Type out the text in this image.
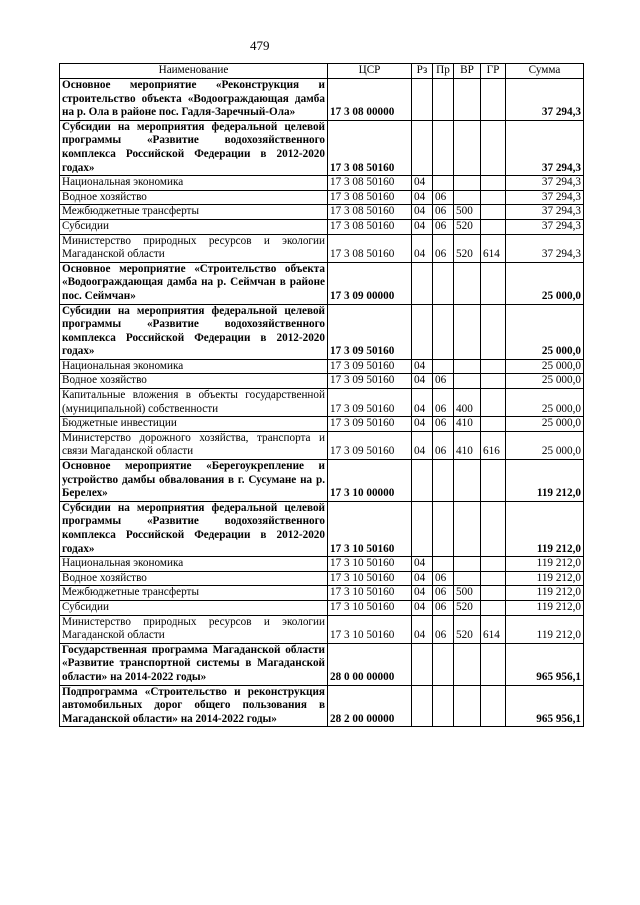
479
Наименование	ЦСР	Рз	Пр	ВР	ГР	Сумма
Основное мероприятие «Реконструкция и строительство объекта «Водоограждающая дамба на р. Ола в районе пос. Гадля-Заречный-Ола»	17 3 08 00000					37 294,3
Субсидии на мероприятия федеральной целевой программы «Развитие водохозяйственного комплекса Российской Федерации в 2012-2020 годах»	17 3 08 50160					37 294,3
Национальная экономика	17 3 08 50160	04				37 294,3
Водное хозяйство	17 3 08 50160	04	06			37 294,3
Межбюджетные трансферты	17 3 08 50160	04	06	500		37 294,3
Субсидии	17 3 08 50160	04	06	520		37 294,3
Министерство природных ресурсов и экологии Магаданской области	17 3 08 50160	04	06	520	614	37 294,3
Основное мероприятие «Строительство объекта «Водоограждающая дамба на р. Сеймчан в районе пос. Сеймчан»	17 3 09 00000					25 000,0
Субсидии на мероприятия федеральной целевой программы «Развитие водохозяйственного комплекса Российской Федерации в 2012-2020 годах»	17 3 09 50160					25 000,0
Национальная экономика	17 3 09 50160	04				25 000,0
Водное хозяйство	17 3 09 50160	04	06			25 000,0
Капитальные вложения в объекты государственной (муниципальной) собственности	17 3 09 50160	04	06	400		25 000,0
Бюджетные инвестиции	17 3 09 50160	04	06	410		25 000,0
Министерство дорожного хозяйства, транспорта и связи Магаданской области	17 3 09 50160	04	06	410	616	25 000,0
Основное мероприятие «Берегоукрепление и устройство дамбы обвалования в г. Сусумане на р. Берелех»	17 3 10 00000					119 212,0
Субсидии на мероприятия федеральной целевой программы «Развитие водохозяйственного комплекса Российской Федерации в 2012-2020 годах»	17 3 10 50160					119 212,0
Национальная экономика	17 3 10 50160	04				119 212,0
Водное хозяйство	17 3 10 50160	04	06			119 212,0
Межбюджетные трансферты	17 3 10 50160	04	06	500		119 212,0
Субсидии	17 3 10 50160	04	06	520		119 212,0
Министерство природных ресурсов и экологии Магаданской области	17 3 10 50160	04	06	520	614	119 212,0
Государственная программа Магаданской области «Развитие транспортной системы в Магаданской области» на 2014-2022 годы»	28 0 00 00000					965 956,1
Подпрограмма «Строительство и реконструкция автомобильных дорог общего пользования в Магаданской области» на 2014-2022 годы»	28 2 00 00000					965 956,1
